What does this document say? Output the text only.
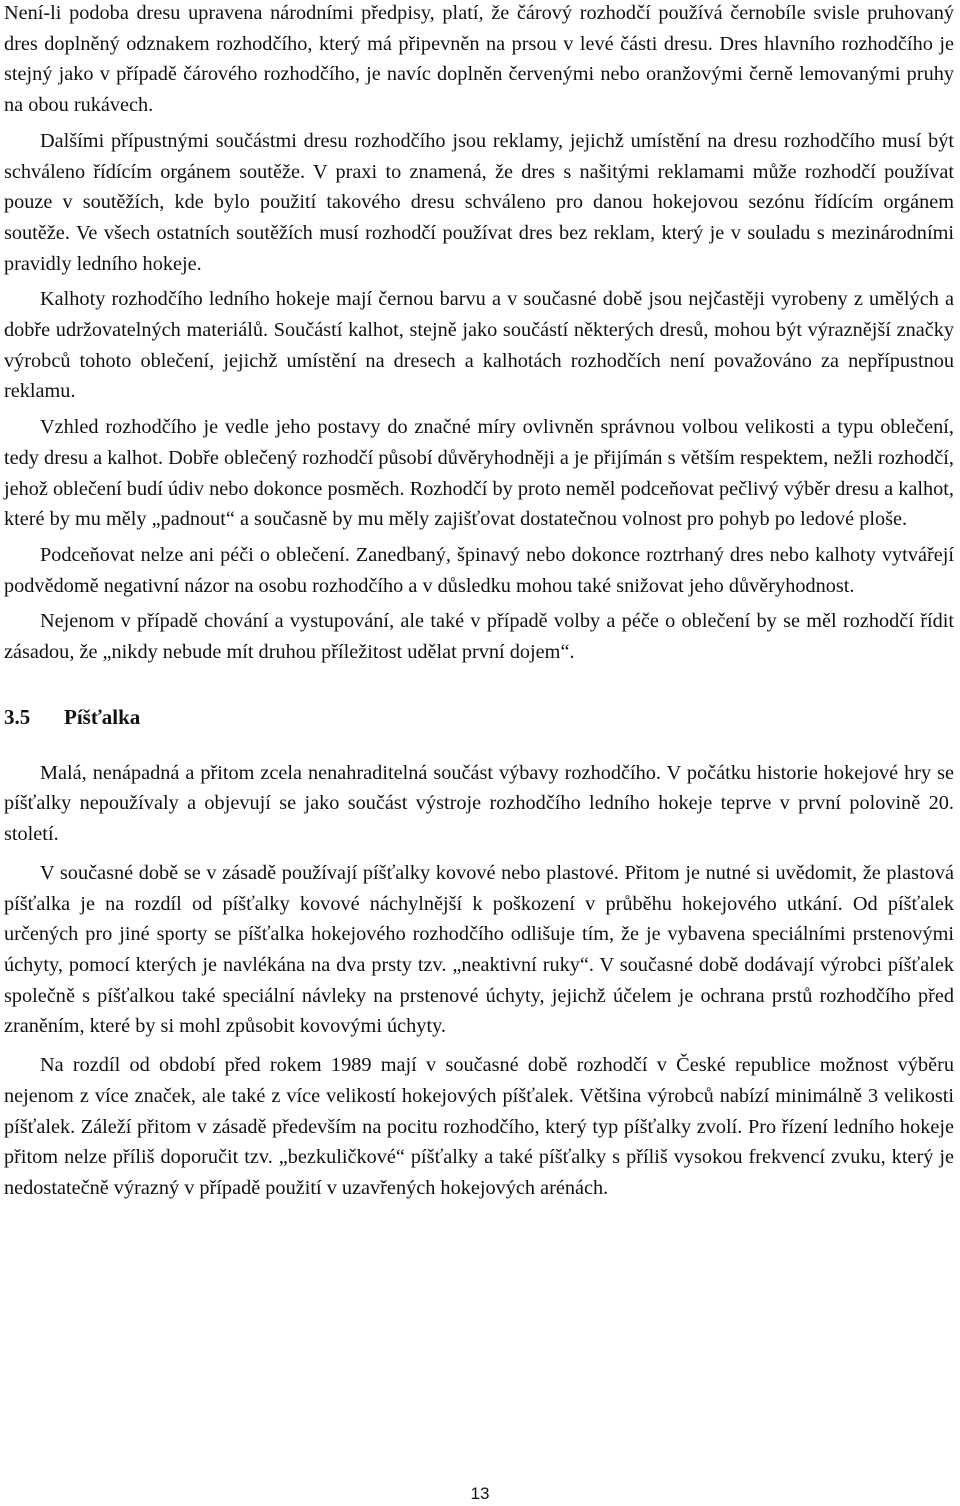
Není-li podoba dresu upravena národními předpisy, platí, že čárový rozhodčí používá černobíle svisle pruhovaný dres doplněný odznakem rozhodčího, který má připevněn na prsou v levé části dresu. Dres hlavního rozhodčího je stejný jako v případě čárového rozhodčího, je navíc doplněn červenými nebo oranžovými černě lemovanými pruhy na obou rukávech.

Dalšími přípustnými součástmi dresu rozhodčího jsou reklamy, jejichž umístění na dresu rozhodčího musí být schváleno řídícím orgánem soutěže. V praxi to znamená, že dres s našitými reklamami může rozhodčí používat pouze v soutěžích, kde bylo použití takového dresu schváleno pro danou hokejovou sezónu řídícím orgánem soutěže. Ve všech ostatních soutěžích musí rozhodčí používat dres bez reklam, který je v souladu s mezinárodními pravidly ledního hokeje.

Kalhoty rozhodčího ledního hokeje mají černou barvu a v současné době jsou nejčastěji vyrobeny z umělých a dobře udržovatelných materiálů. Součástí kalhot, stejně jako součástí některých dresů, mohou být výraznější značky výrobců tohoto oblečení, jejichž umístění na dresech a kalhotách rozhodčích není považováno za nepřípustnou reklamu.

Vzhled rozhodčího je vedle jeho postavy do značné míry ovlivněn správnou volbou velikosti a typu oblečení, tedy dresu a kalhot. Dobře oblečený rozhodčí působí důvěryhodněji a je přijímán s větším respektem, nežli rozhodčí, jehož oblečení budí údiv nebo dokonce posměch. Rozhodčí by proto neměl podceňovat pečlivý výběr dresu a kalhot, které by mu měly „padnout“ a současně by mu měly zajišťovat dostatečnou volnost pro pohyb po ledové ploše.

Podceňovat nelze ani péči o oblečení. Zanedbaný, špinavý nebo dokonce roztrhaný dres nebo kalhoty vytvářejí podvědomě negativní názor na osobu rozhodčího a v důsledku mohou také snižovat jeho důvěryhodnost.

Nejenom v případě chování a vystupování, ale také v případě volby a péče o oblečení by se měl rozhodčí řídit zásadou, že „nikdy nebude mít druhou příležitost udělat první dojem“.

3.5	Píšťalka

Malá, nenápadná a přitom zcela nenahraditelná součást výbavy rozhodčího. V počátku historie hokejové hry se píšťalky nepoužívaly a objevují se jako součást výstroje rozhodčího ledního hokeje teprve v první polovině 20. století.

V současné době se v zásadě používají píšťalky kovové nebo plastové. Přitom je nutné si uvědomit, že plastová píšťalka je na rozdíl od píšťalky kovové náchylnější k poškození v průběhu hokejového utkání. Od píšťalek určených pro jiné sporty se píšťalka hokejového rozhodčího odlišuje tím, že je vybavena speciálními prstenovými úchyty, pomocí kterých je navlékána na dva prsty tzv. „neaktivní ruky“. V současné době dodávají výrobci píšťalek společně s píšťalkou také speciální návleky na prstenové úchyty, jejichž účelem je ochrana prstů rozhodčího před zraněním, které by si mohl způsobit kovovými úchyty.

Na rozdíl od období před rokem 1989 mají v současné době rozhodčí v České republice možnost výběru nejenom z více značek, ale také z více velikostí hokejových píšťalek. Většina výrobců nabízí minimálně 3 velikosti píšťalek. Záleží přitom v zásadě především na pocitu rozhodčího, který typ píšťalky zvolí. Pro řízení ledního hokeje přitom nelze příliš doporučit tzv. „bezkuličkové“ píšťalky a také píšťalky s příliš vysokou frekvencí zvuku, který je nedostatečně výrazný v případě použití v uzavřených hokejových arénách.

13
